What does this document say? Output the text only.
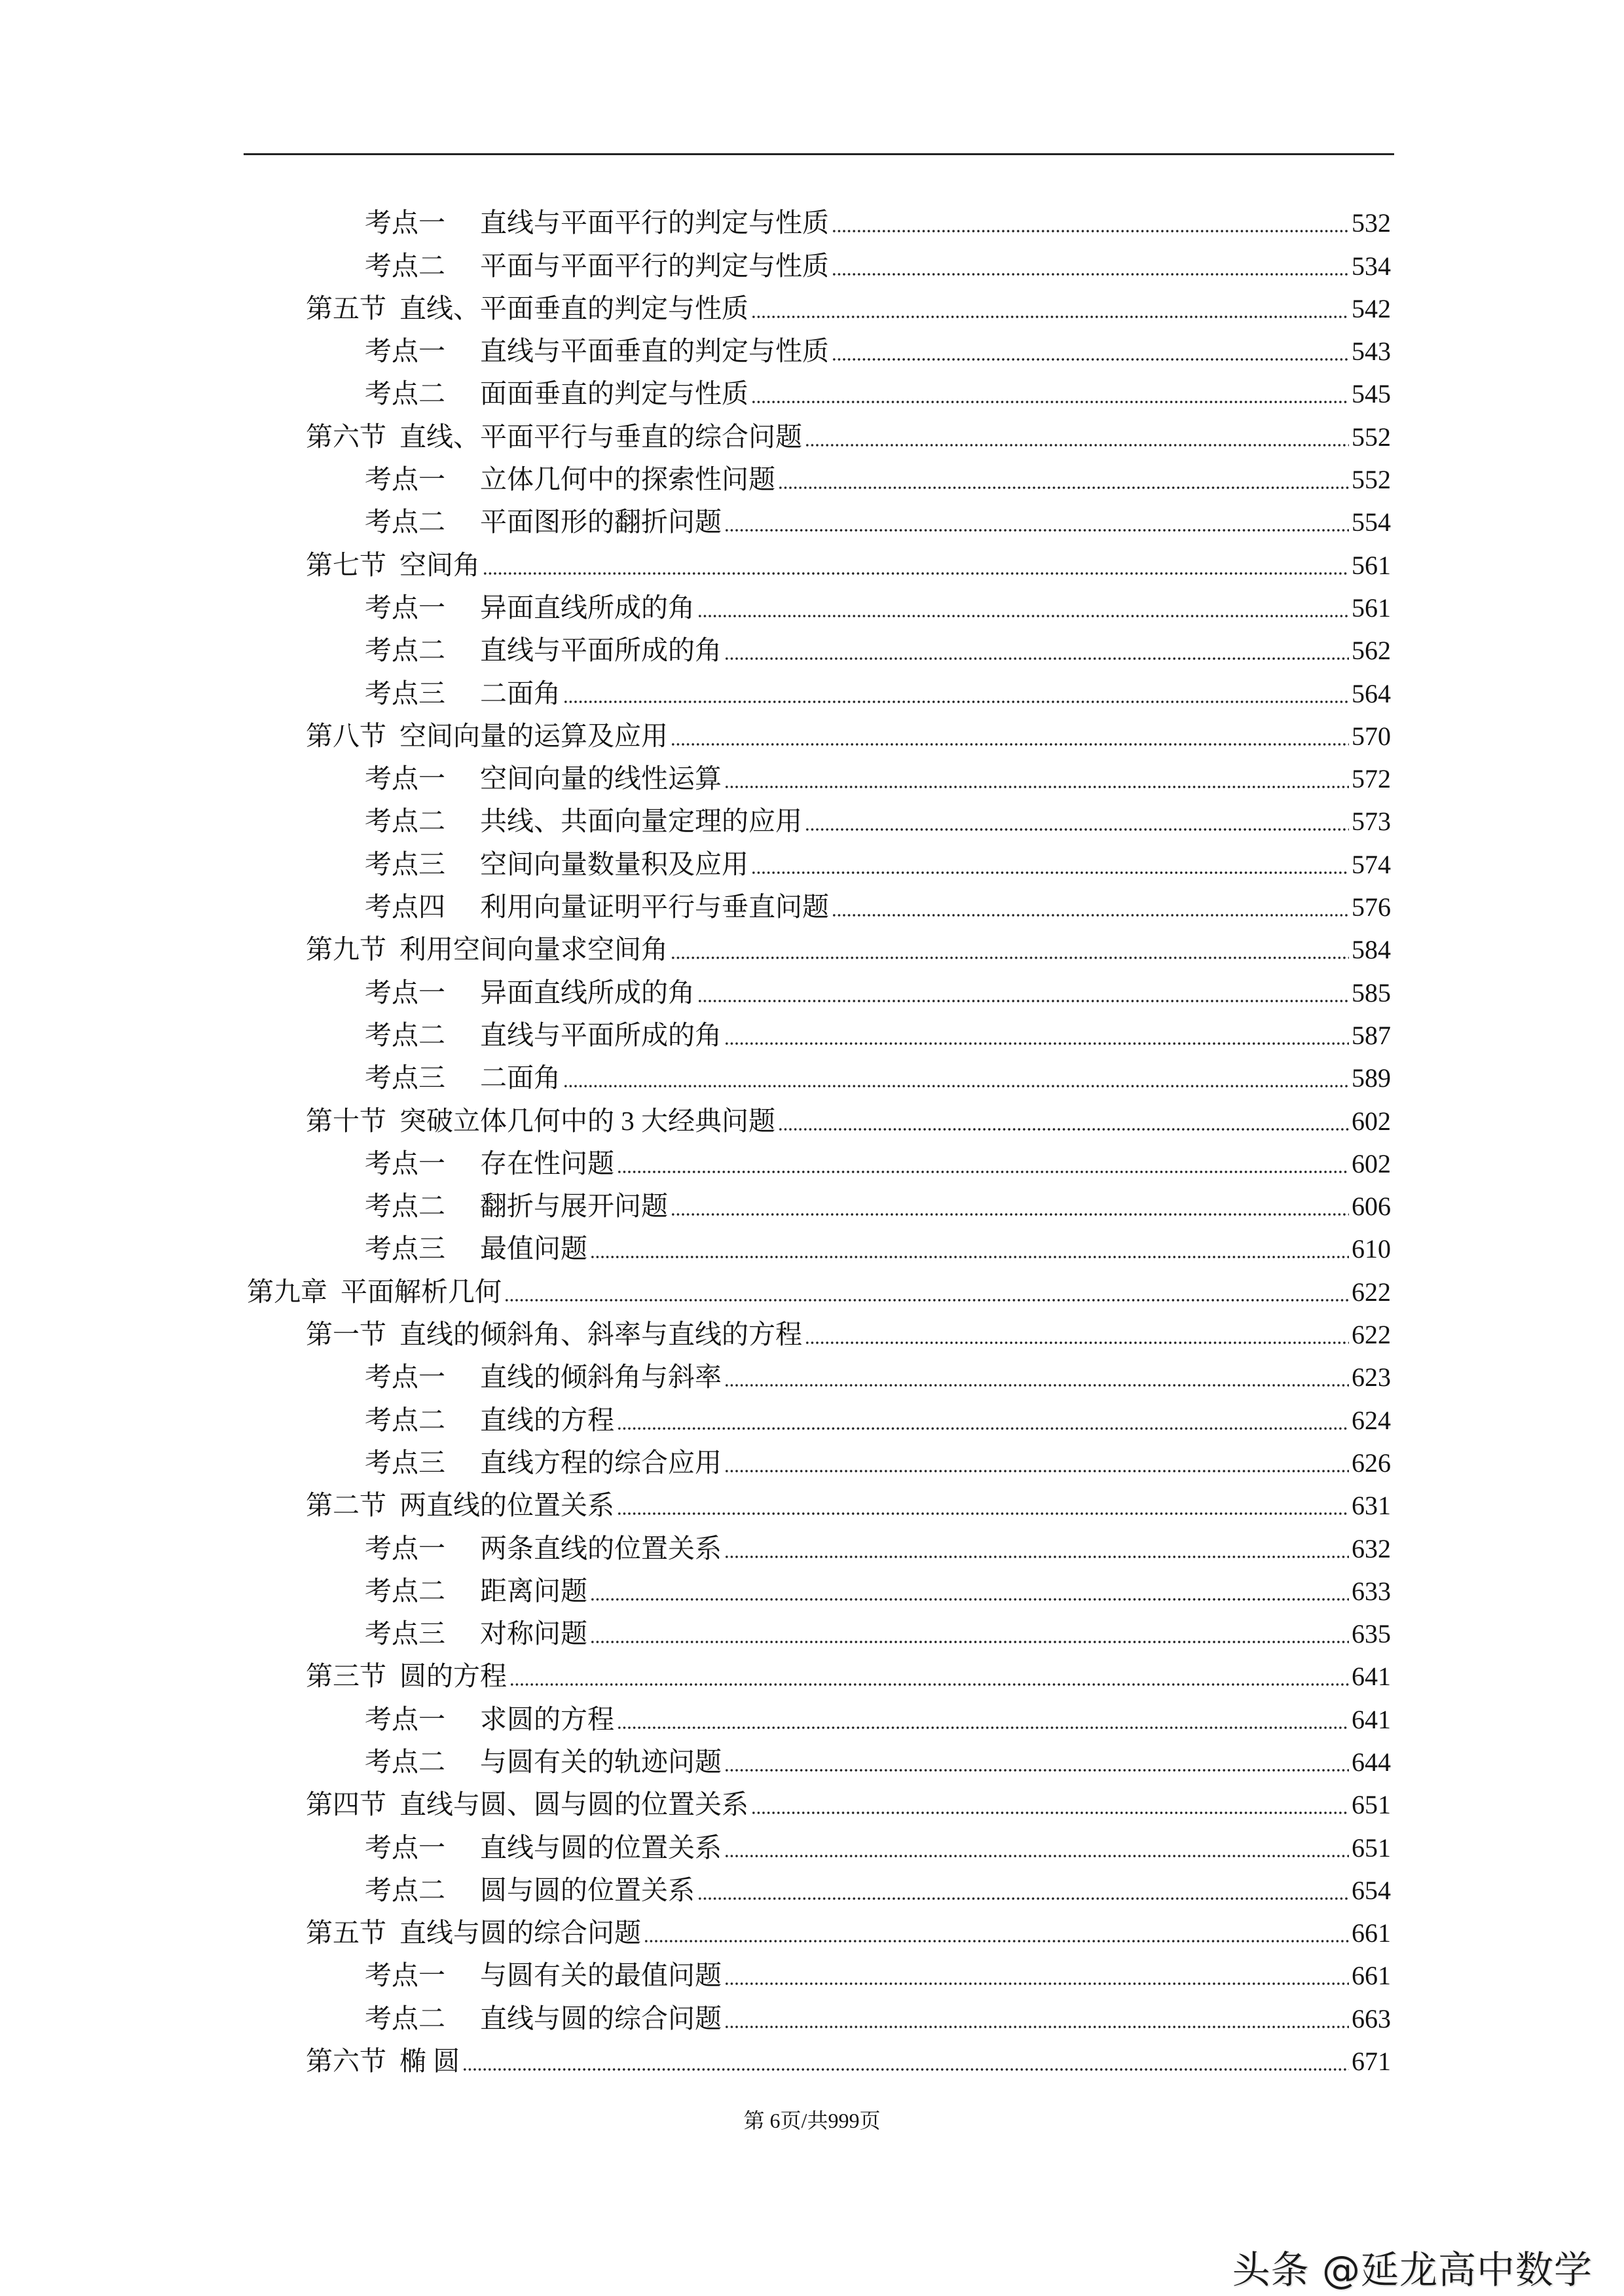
考点一	直线与平面平行的判定与性质	532
考点二	平面与平面平行的判定与性质	534
第五节 直线、平面垂直的判定与性质	542
考点一	直线与平面垂直的判定与性质	543
考点二	面面垂直的判定与性质	545
第六节 直线、平面平行与垂直的综合问题	552
考点一	立体几何中的探索性问题	552
考点二	平面图形的翻折问题	554
第七节 空间角	561
考点一	异面直线所成的角	561
考点二	直线与平面所成的角	562
考点三	二面角	564
第八节 空间向量的运算及应用	570
考点一	空间向量的线性运算	572
考点二	共线、共面向量定理的应用	573
考点三	空间向量数量积及应用	574
考点四	利用向量证明平行与垂直问题	576
第九节 利用空间向量求空间角	584
考点一	异面直线所成的角	585
考点二	直线与平面所成的角	587
考点三	二面角	589
第十节 突破立体几何中的 3 大经典问题	602
考点一	存在性问题	602
考点二	翻折与展开问题	606
考点三	最值问题	610
第九章 平面解析几何	622
第一节 直线的倾斜角、斜率与直线的方程	622
考点一	直线的倾斜角与斜率	623
考点二	直线的方程	624
考点三	直线方程的综合应用	626
第二节 两直线的位置关系	631
考点一	两条直线的位置关系	632
考点二	距离问题	633
考点三	对称问题	635
第三节 圆的方程	641
考点一	求圆的方程	641
考点二	与圆有关的轨迹问题	644
第四节 直线与圆、圆与圆的位置关系	651
考点一	直线与圆的位置关系	651
考点二	圆与圆的位置关系	654
第五节 直线与圆的综合问题	661
考点一	与圆有关的最值问题	661
考点二	直线与圆的综合问题	663
第六节 椭 圆	671
第 6页/共999页
头条 @延龙高中数学
